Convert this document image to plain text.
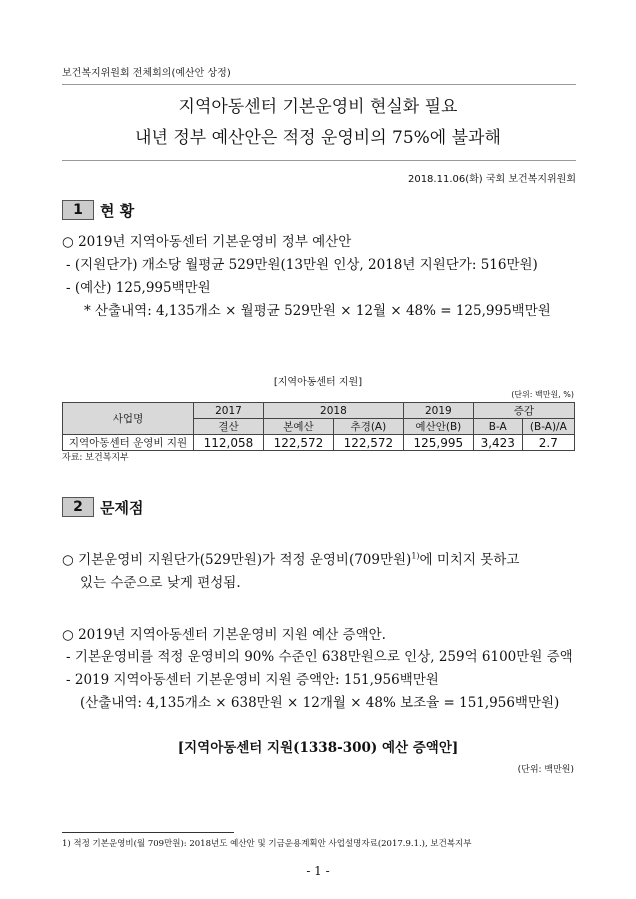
보건복지위원회 전체회의(예산안 상정)
지역아동센터 기본운영비 현실화 필요
내년 정부 예산안은 적정 운영비의 75%에 불과해
2018.11.06(화) 국회 보건복지위원회
1	현 황
○ 2019년 지역아동센터 기본운영비 정부 예산안
- (지원단가) 개소당 월평균 529만원(13만원 인상, 2018년 지원단가: 516만원)
- (예산) 125,995백만원
* 산출내역: 4,135개소 × 월평균 529만원 × 12월 × 48% = 125,995백만원
[지역아동센터 지원]
(단위: 백만원, %)
사업명	2017	2018		2019	증감	
	결산	본예산	추경(A)	예산안(B)	B-A	(B-A)/A
지역아동센터 운영비 지원	112,058	122,572	122,572	125,995	3,423	2.7
자료: 보건복지부
2	문제점
○ 기본운영비 지원단가(529만원)가 적정 운영비(709만원)$^{1)}$에 미치지 못하고
있는 수준으로 낮게 편성됨.
○ 2019년 지역아동센터 기본운영비 지원 예산 증액안.
- 기본운영비를 적정 운영비의 90% 수준인 638만원으로 인상, 259억 6100만원 증액
- 2019 지역아동센터 기본운영비 지원 증액안: 151,956백만원
(산출내역: 4,135개소 × 638만원 × 12개월 × 48% 보조율 = 151,956백만원)
[지역아동센터 지원(1338-300) 예산 증액안]
(단위: 백만원)
1) 적정 기본운영비(월 709만원): 2018년도 예산안 및 기금운용계획안 사업설명자료(2017.9.1.), 보건복지부
- 1 -
